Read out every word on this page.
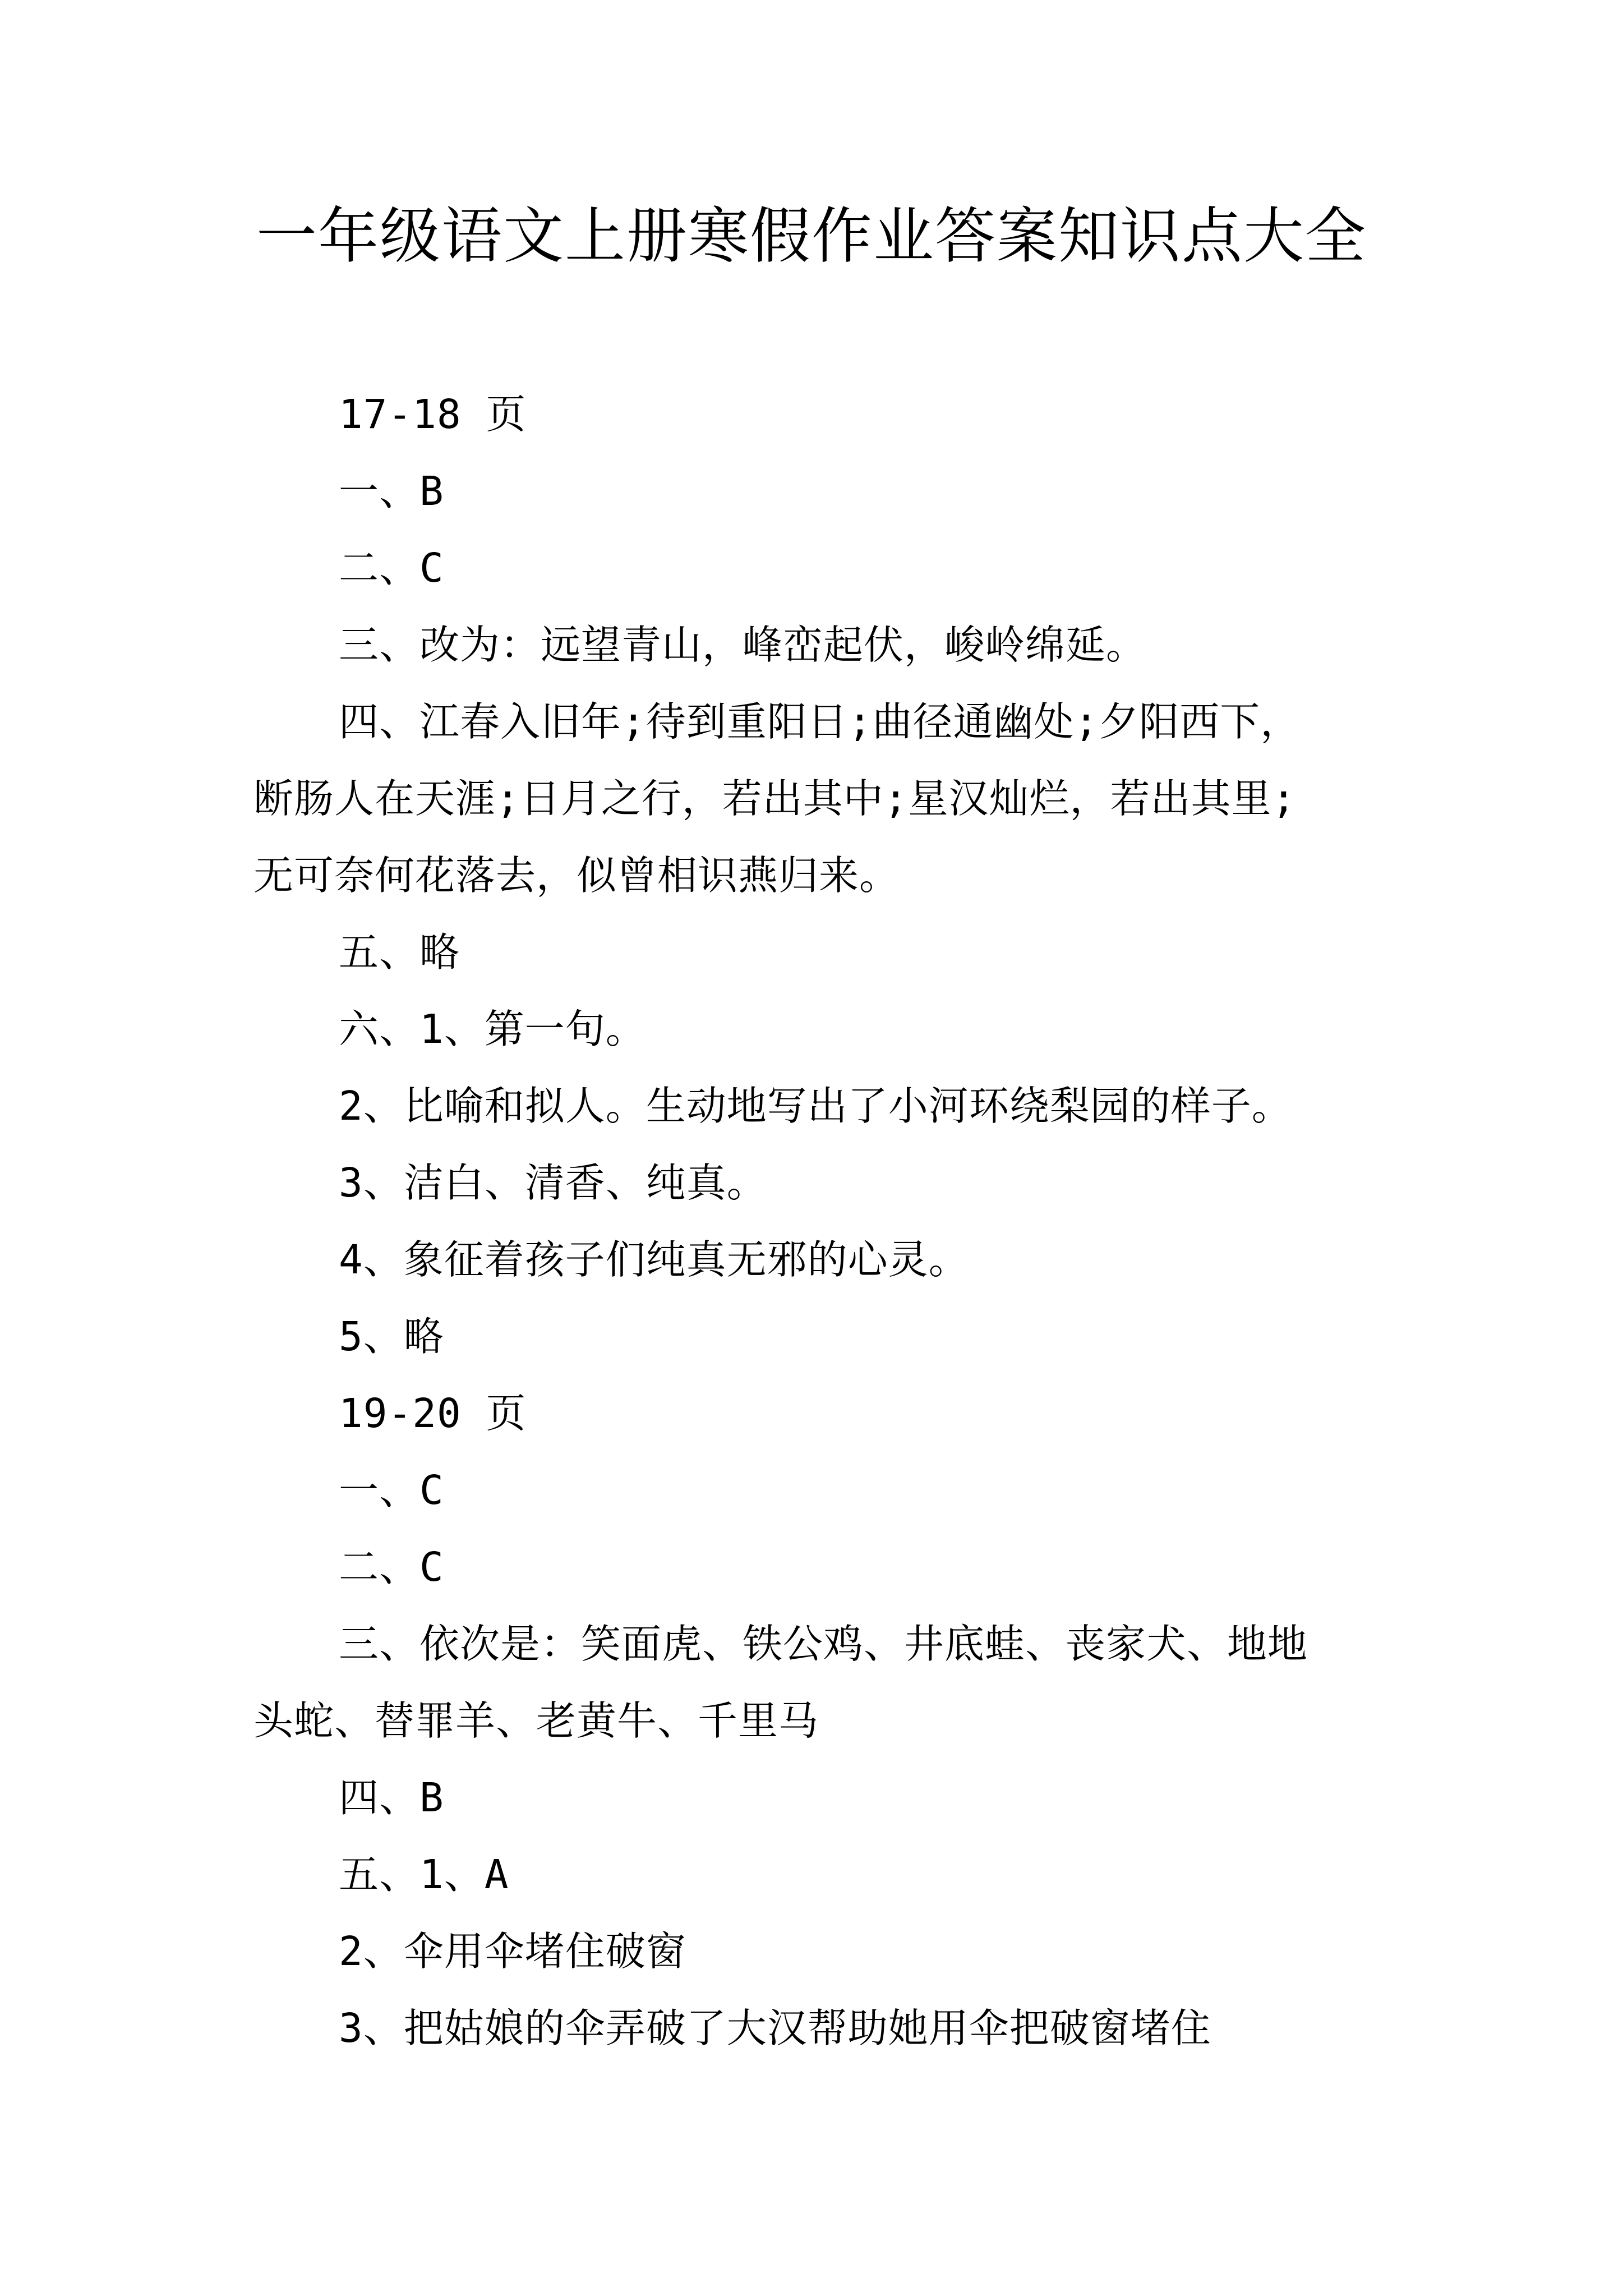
一年级语文上册寒假作业答案知识点大全
17-18 页
一、B
二、C
三、改为：远望青山，峰峦起伏，峻岭绵延。
四、江春入旧年;待到重阳日;曲径通幽处;夕阳西下，
断肠人在天涯;日月之行，若出其中;星汉灿烂，若出其里;
无可奈何花落去，似曾相识燕归来。
五、略
六、1、第一句。
2、比喻和拟人。生动地写出了小河环绕梨园的样子。
3、洁白、清香、纯真。
4、象征着孩子们纯真无邪的心灵。
5、略
19-20 页
一、C
二、C
三、依次是：笑面虎、铁公鸡、井底蛙、丧家犬、地地
头蛇、替罪羊、老黄牛、千里马
四、B
五、1、A
2、伞用伞堵住破窗
3、把姑娘的伞弄破了大汉帮助她用伞把破窗堵住
